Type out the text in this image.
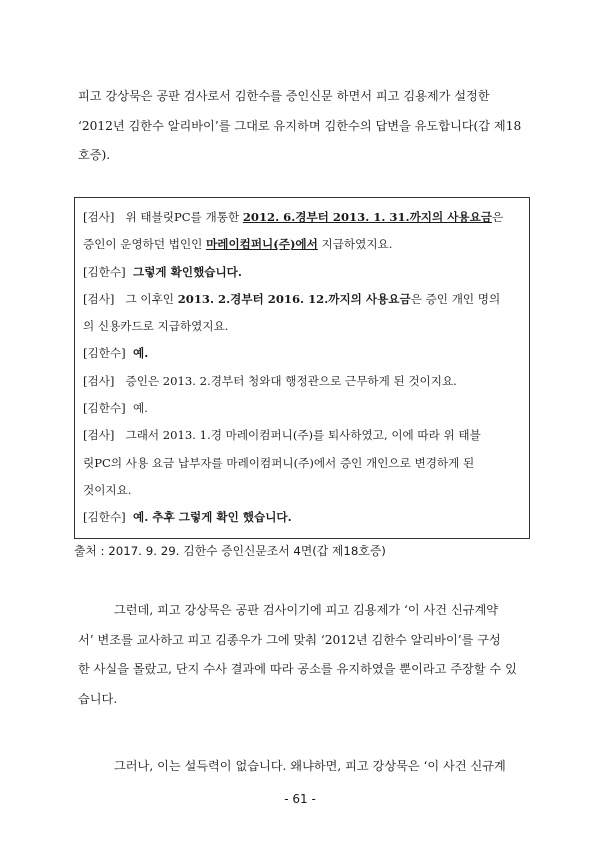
피고 강상묵은 공판 검사로서 김한수를 증인신문 하면서 피고 김용제가 설정한
‘2012년 김한수 알리바이’를 그대로 유지하며 김한수의 답변을 유도합니다(갑 제18
호증).
[검사] 위 태블릿PC를 개통한 2012. 6.경부터 2013. 1. 31.까지의 사용요금은
증인이 운영하던 법인인 마레이컴퍼니(주)에서 지급하였지요.
[김한수] 그렇게 확인했습니다.
[검사] 그 이후인 2013. 2.경부터 2016. 12.까지의 사용요금은 증인 개인 명의
의 신용카드로 지급하였지요.
[김한수] 예.
[검사] 증인은 2013. 2.경부터 청와대 행정관으로 근무하게 된 것이지요.
[김한수] 예.
[검사] 그래서 2013. 1.경 마레이컴퍼니(주)를 퇴사하였고, 이에 따라 위 태블
릿PC의 사용 요금 납부자를 마레이컴퍼니(주)에서 증인 개인으로 변경하게 된
것이지요.
[김한수] 예. 추후 그렇게 확인 했습니다.
출처 : 2017. 9. 29. 김한수 증인신문조서 4면(갑 제18호증)
그런데, 피고 강상묵은 공판 검사이기에 피고 김용제가 ‘이 사건 신규계약
서’ 변조를 교사하고 피고 김종우가 그에 맞춰 ‘2012년 김한수 알리바이’를 구성
한 사실을 몰랐고, 단지 수사 결과에 따라 공소를 유지하였을 뿐이라고 주장할 수 있
습니다.
그러나, 이는 설득력이 없습니다. 왜냐하면, 피고 강상묵은 ‘이 사건 신규계
- 61 -
